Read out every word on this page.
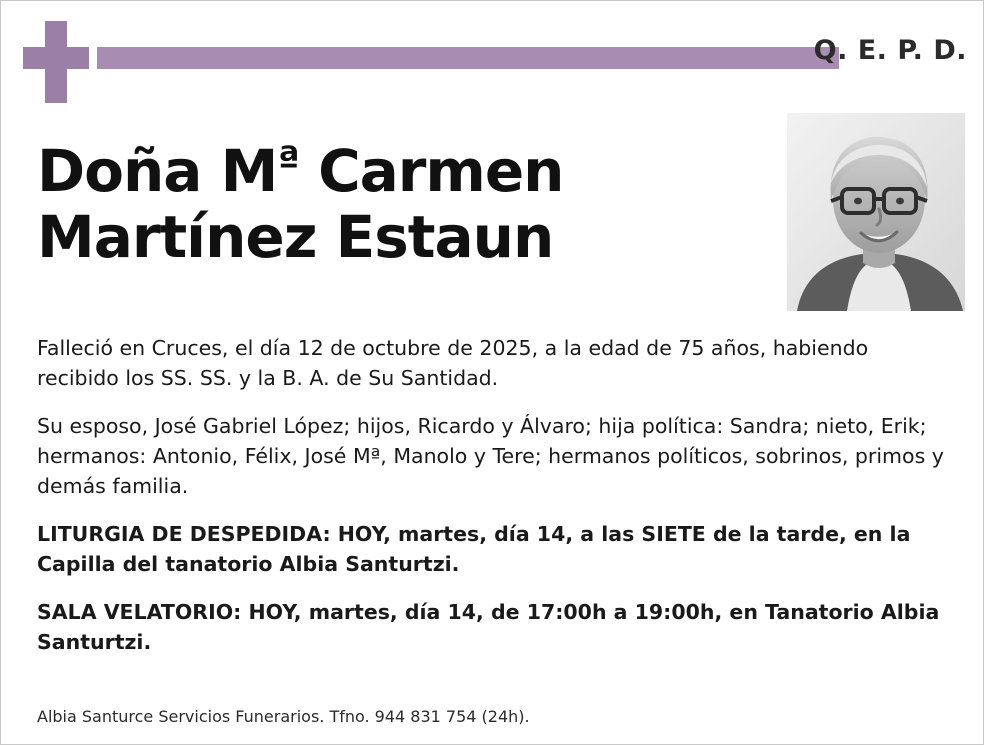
Q. E. P. D.
Doña $M^ª$ Carmen
Martínez Estaun

Falleció en Cruces, el día 12 de octubre de 2025, a la edad de 75 años, habiendo recibido los SS. SS. y la B. A. de Su Santidad.

Su esposo, José Gabriel López; hijos, Ricardo y Álvaro; hija política: Sandra; nieto, Erik; hermanos: Antonio, Félix, José Mª, Manolo y Tere; hermanos políticos, sobrinos, primos y demás familia.

LITURGIA DE DESPEDIDA: HOY, martes, día 14, a las SIETE de la tarde, en la Capilla del tanatorio Albia Santurtzi.

SALA VELATORIO: HOY, martes, día 14, de 17:00h a 19:00h, en Tanatorio Albia Santurtzi.

Albia Santurce Servicios Funerarios. Tfno. 944 831 754 (24h).
